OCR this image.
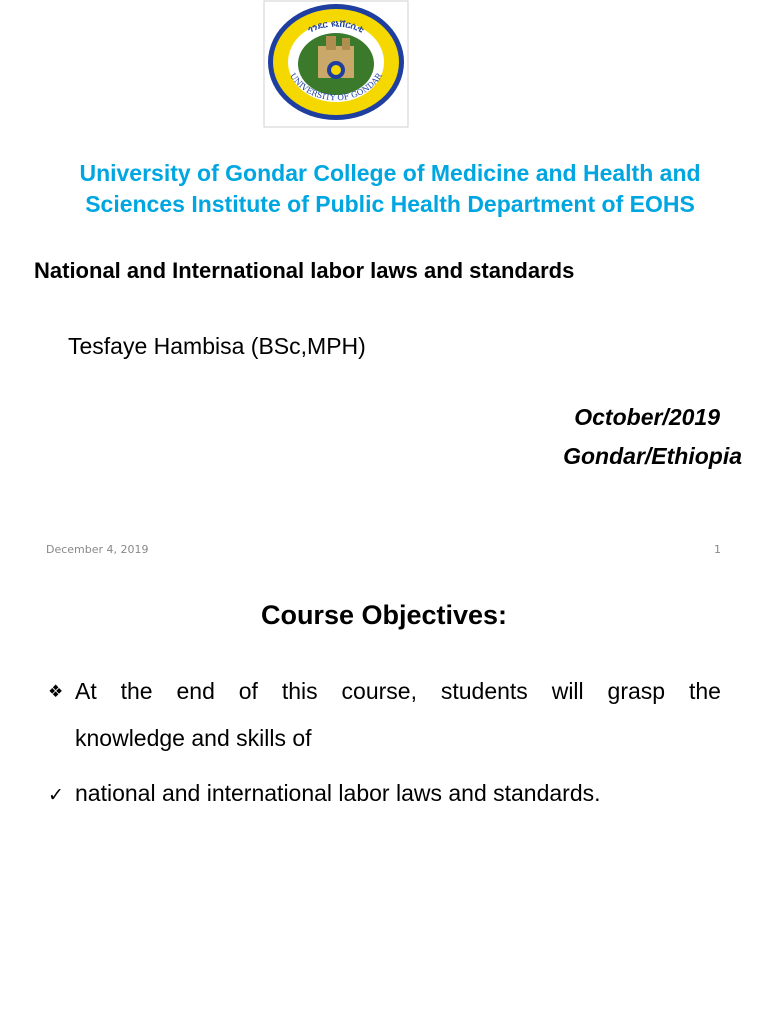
ጎንደር ዩኒቨርሲቲ
UNIVERSITY OF GONDAR
University of Gondar College of Medicine and Health and
Sciences Institute of Public Health Department of EOHS
National and International labor laws and standards
Tesfaye Hambisa (BSc,MPH)
October/2019
Gondar/Ethiopia
December 4, 2019	1
Course Objectives:
❖ At the end of this course, students will grasp the
knowledge and skills of
✓ national and international labor laws and standards.
